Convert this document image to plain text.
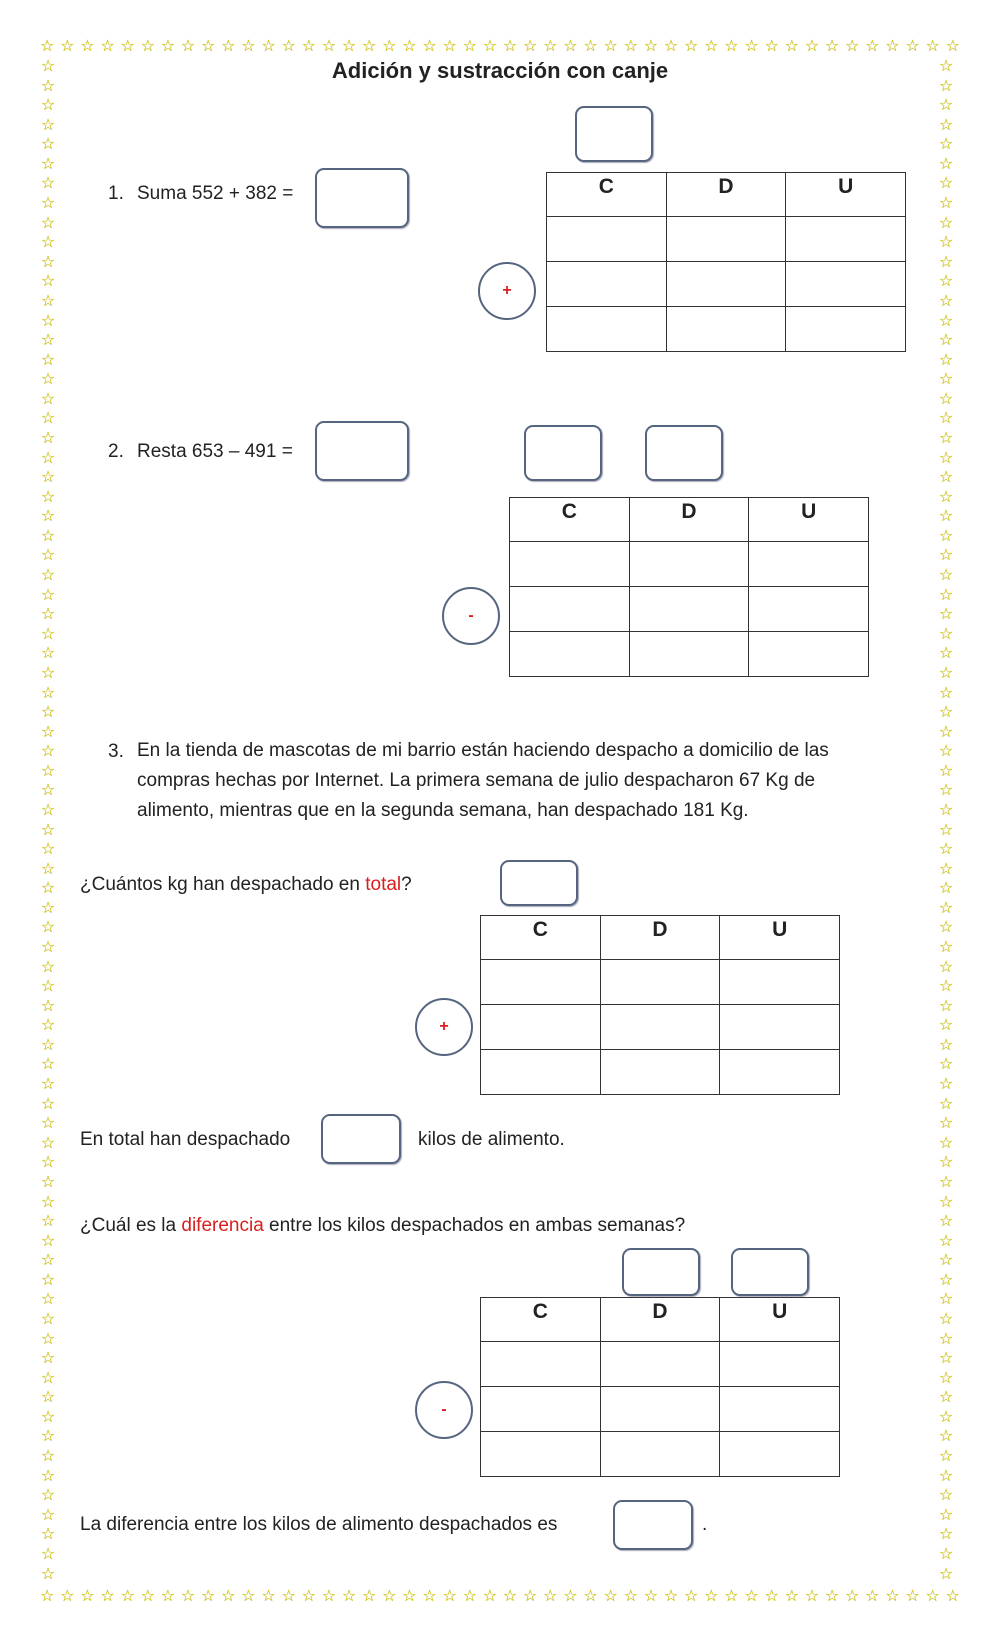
☆ ☆ ☆ ☆ ☆ ☆ ☆ ☆ ☆ ☆ ☆ ☆ ☆ ☆ ☆ ☆ ☆ ☆ ☆ ☆ ☆ ☆ ☆ ☆ ☆ ☆ ☆ ☆ ☆ ☆ ☆ ☆ ☆ ☆ ☆ ☆ ☆ ☆ ☆ ☆ ☆ ☆ ☆ ☆ ☆ ☆
☆ ☆ ☆ ☆ ☆ ☆ ☆ ☆ ☆ ☆ ☆ ☆ ☆ ☆ ☆ ☆ ☆ ☆ ☆ ☆ ☆ ☆ ☆ ☆ ☆ ☆ ☆ ☆ ☆ ☆ ☆ ☆ ☆ ☆ ☆ ☆ ☆ ☆ ☆ ☆ ☆ ☆ ☆ ☆ ☆ ☆
☆
☆
☆
☆
☆
☆
☆
☆
☆
☆
☆
☆
☆
☆
☆
☆
☆
☆
☆
☆
☆
☆
☆
☆
☆
☆
☆
☆
☆
☆
☆
☆
☆
☆
☆
☆
☆
☆
☆
☆
☆
☆
☆
☆
☆
☆
☆
☆
☆
☆
☆
☆
☆
☆
☆
☆
☆
☆
☆
☆
☆
☆
☆
☆
☆
☆
☆
☆
☆
☆
☆
☆
☆
☆
☆
☆
☆
☆
☆
☆
☆
☆
☆
☆
☆
☆
☆
☆
☆
☆
☆
☆
☆
☆
☆
☆
☆
☆
☆
☆
☆
☆
☆
☆
☆
☆
☆
☆
☆
☆
☆
☆
☆
☆
☆
☆
☆
☆
☆
☆
☆
☆
☆
☆
☆
☆
☆
☆
☆
☆
☆
☆
☆
☆
☆
☆
☆
☆
☆
☆
☆
☆
☆
☆
☆
☆
☆
☆
☆
☆
☆
☆
☆
☆
☆
☆
Adición y sustracción con canje
1. Suma 552 + 382 =
+
C	D	U

2. Resta 653 – 491 =
-
C	D	U

3. En la tienda de mascotas de mi barrio están haciendo despacho a domicilio de las
compras hechas por Internet. La primera semana de julio despacharon 67 Kg de
alimento, mientras que en la segunda semana, han despachado 181 Kg.
¿Cuántos kg han despachado en total?
+
C	D	U

En total han despachado	kilos de alimento.
¿Cuál es la diferencia entre los kilos despachados en ambas semanas?
-
C	D	U

La diferencia entre los kilos de alimento despachados es	.
